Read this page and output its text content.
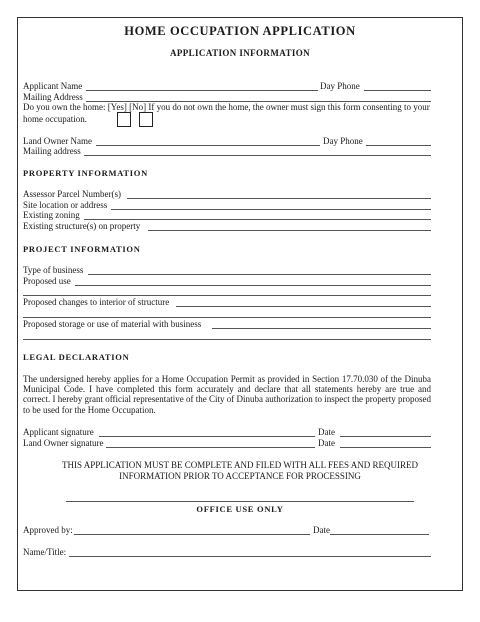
HOME OCCUPATION APPLICATION
APPLICATION INFORMATION
Applicant Name	Day Phone
Mailing Address
Do you own the home: [Yes] [No] If you do not own the home, the owner must sign this form consenting to your
home occupation.
Land Owner Name	Day Phone
Mailing address
PROPERTY INFORMATION
Assessor Parcel Number(s)
Site location or address
Existing zoning
Existing structure(s) on property
PROJECT INFORMATION
Type of business
Proposed use
Proposed changes to interior of structure
Proposed storage or use of material with business
LEGAL DECLARATION
The undersigned hereby applies for a Home Occupation Permit as provided in Section 17.70.030 of the Dinuba Municipal Code. I have completed this form accurately and declare that all statements hereby are true and correct. I hereby grant official representative of the City of Dinuba authorization to inspect the property proposed to be used for the Home Occupation.
Applicant signature	Date
Land Owner signature	Date
THIS APPLICATION MUST BE COMPLETE AND FILED WITH ALL FEES AND REQUIRED
INFORMATION PRIOR TO ACCEPTANCE FOR PROCESSING
OFFICE USE ONLY
Approved by:	Date
Name/Title:
